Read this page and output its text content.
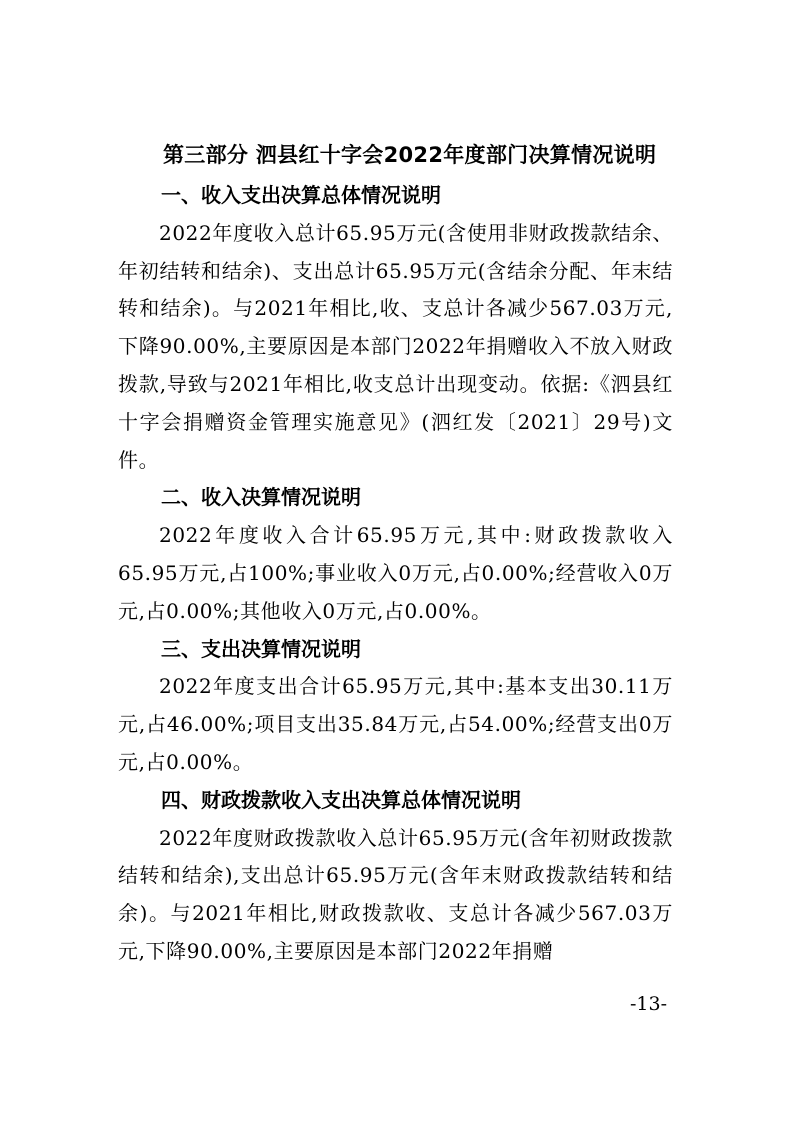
第三部分 泗县红十字会2022年度部门决算情况说明
一、收入支出决算总体情况说明

2022年度收入总计65.95万元(含使用非财政拨款结余、年初结转和结余)、支出总计65.95万元(含结余分配、年末结转和结余)。与2021年相比,收、支总计各减少567.03万元,下降90.00%,主要原因是本部门2022年捐赠收入不放入财政拨款,导致与2021年相比,收支总计出现变动。依据:《泗县红十字会捐赠资金管理实施意见》(泗红发〔2021〕29号)文件。

二、收入决算情况说明

2022年度收入合计65.95万元,其中:财政拨款收入65.95万元,占100%;事业收入0万元,占0.00%;经营收入0万元,占0.00%;其他收入0万元,占0.00%。

三、支出决算情况说明

2022年度支出合计65.95万元,其中:基本支出30.11万元,占46.00%;项目支出35.84万元,占54.00%;经营支出0万元,占0.00%。

四、财政拨款收入支出决算总体情况说明

2022年度财政拨款收入总计65.95万元(含年初财政拨款结转和结余),支出总计65.95万元(含年末财政拨款结转和结余)。与2021年相比,财政拨款收、支总计各减少567.03万元,下降90.00%,主要原因是本部门2022年捐赠

-13-
